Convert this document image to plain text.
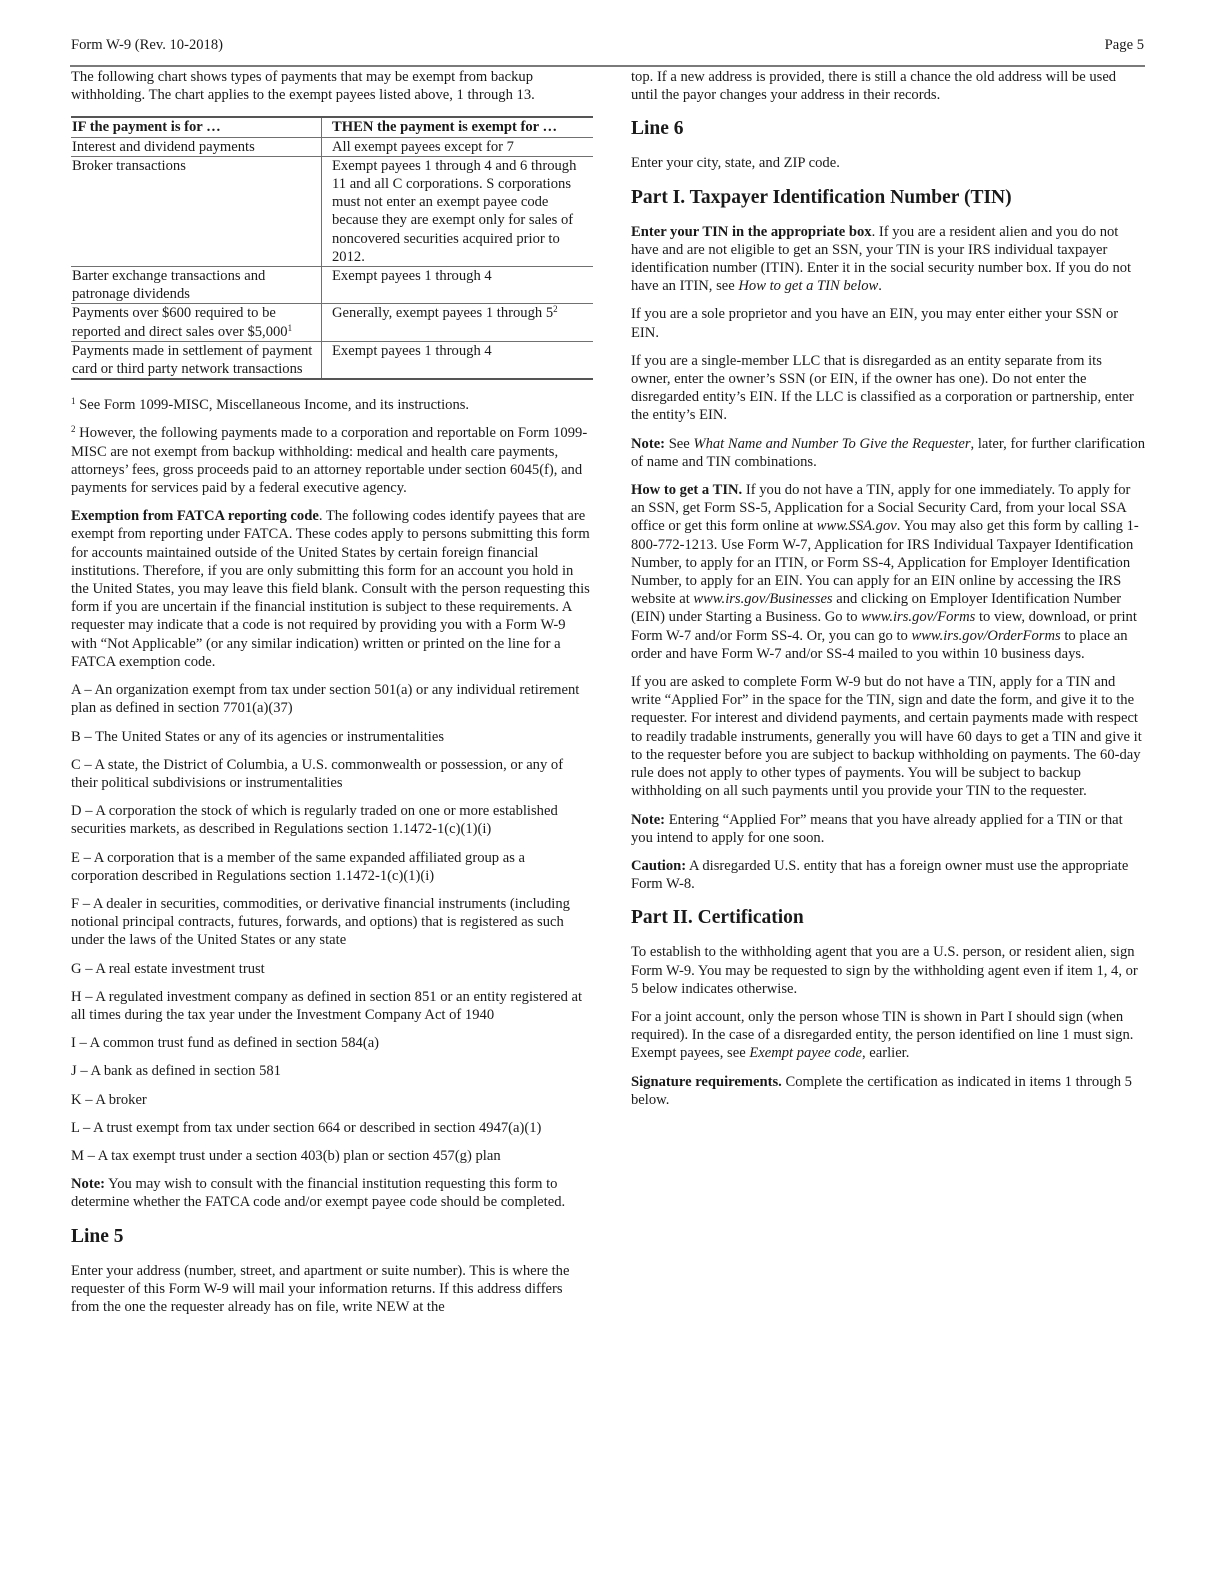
Form W-9 (Rev. 10-2018)	Page 5

The following chart shows types of payments that may be exempt from backup withholding. The chart applies to the exempt payees listed above, 1 through 13.

IF the payment is for …	THEN the payment is exempt for …
Interest and dividend payments	All exempt payees except for 7
Broker transactions	Exempt payees 1 through 4 and 6 through 11 and all C corporations. S corporations must not enter an exempt payee code because they are exempt only for sales of noncovered securities acquired prior to 2012.
Barter exchange transactions and patronage dividends	Exempt payees 1 through 4
Payments over $600 required to be reported and direct sales over $5,000$^1$	Generally, exempt payees 1 through $5^2$
Payments made in settlement of payment card or third party network transactions	Exempt payees 1 through 4

$^1$ See Form 1099-MISC, Miscellaneous Income, and its instructions.

$^2$ However, the following payments made to a corporation and reportable on Form 1099-MISC are not exempt from backup withholding: medical and health care payments, attorneys’ fees, gross proceeds paid to an attorney reportable under section 6045(f), and payments for services paid by a federal executive agency.

Exemption from FATCA reporting code. The following codes identify payees that are exempt from reporting under FATCA. These codes apply to persons submitting this form for accounts maintained outside of the United States by certain foreign financial institutions. Therefore, if you are only submitting this form for an account you hold in the United States, you may leave this field blank. Consult with the person requesting this form if you are uncertain if the financial institution is subject to these requirements. A requester may indicate that a code is not required by providing you with a Form W-9 with “Not Applicable” (or any similar indication) written or printed on the line for a FATCA exemption code.

A – An organization exempt from tax under section 501(a) or any individual retirement plan as defined in section 7701(a)(37)

B – The United States or any of its agencies or instrumentalities

C – A state, the District of Columbia, a U.S. commonwealth or possession, or any of their political subdivisions or instrumentalities

D – A corporation the stock of which is regularly traded on one or more established securities markets, as described in Regulations section 1.1472-1(c)(1)(i)

E – A corporation that is a member of the same expanded affiliated group as a corporation described in Regulations section 1.1472-1(c)(1)(i)

F – A dealer in securities, commodities, or derivative financial instruments (including notional principal contracts, futures, forwards, and options) that is registered as such under the laws of the United States or any state

G – A real estate investment trust

H – A regulated investment company as defined in section 851 or an entity registered at all times during the tax year under the Investment Company Act of 1940

I – A common trust fund as defined in section 584(a)

J – A bank as defined in section 581

K – A broker

L – A trust exempt from tax under section 664 or described in section 4947(a)(1)

M – A tax exempt trust under a section 403(b) plan or section 457(g) plan

Note: You may wish to consult with the financial institution requesting this form to determine whether the FATCA code and/or exempt payee code should be completed.

Line 5

Enter your address (number, street, and apartment or suite number). This is where the requester of this Form W-9 will mail your information returns. If this address differs from the one the requester already has on file, write NEW at the

top. If a new address is provided, there is still a chance the old address will be used until the payor changes your address in their records.

Line 6

Enter your city, state, and ZIP code.

Part I. Taxpayer Identification Number (TIN)

Enter your TIN in the appropriate box. If you are a resident alien and you do not have and are not eligible to get an SSN, your TIN is your IRS individual taxpayer identification number (ITIN). Enter it in the social security number box. If you do not have an ITIN, see How to get a TIN below.

If you are a sole proprietor and you have an EIN, you may enter either your SSN or EIN.

If you are a single-member LLC that is disregarded as an entity separate from its owner, enter the owner’s SSN (or EIN, if the owner has one). Do not enter the disregarded entity’s EIN. If the LLC is classified as a corporation or partnership, enter the entity’s EIN.

Note: See What Name and Number To Give the Requester, later, for further clarification of name and TIN combinations.

How to get a TIN. If you do not have a TIN, apply for one immediately. To apply for an SSN, get Form SS-5, Application for a Social Security Card, from your local SSA office or get this form online at www.SSA.gov. You may also get this form by calling 1-800-772-1213. Use Form W-7, Application for IRS Individual Taxpayer Identification Number, to apply for an ITIN, or Form SS-4, Application for Employer Identification Number, to apply for an EIN. You can apply for an EIN online by accessing the IRS website at www.irs.gov/Businesses and clicking on Employer Identification Number (EIN) under Starting a Business. Go to www.irs.gov/Forms to view, download, or print Form W-7 and/or Form SS-4. Or, you can go to www.irs.gov/OrderForms to place an order and have Form W-7 and/or SS-4 mailed to you within 10 business days.

If you are asked to complete Form W-9 but do not have a TIN, apply for a TIN and write “Applied For” in the space for the TIN, sign and date the form, and give it to the requester. For interest and dividend payments, and certain payments made with respect to readily tradable instruments, generally you will have 60 days to get a TIN and give it to the requester before you are subject to backup withholding on payments. The 60-day rule does not apply to other types of payments. You will be subject to backup withholding on all such payments until you provide your TIN to the requester.

Note: Entering “Applied For” means that you have already applied for a TIN or that you intend to apply for one soon.

Caution: A disregarded U.S. entity that has a foreign owner must use the appropriate Form W-8.

Part II. Certification

To establish to the withholding agent that you are a U.S. person, or resident alien, sign Form W-9. You may be requested to sign by the withholding agent even if item 1, 4, or 5 below indicates otherwise.

For a joint account, only the person whose TIN is shown in Part I should sign (when required). In the case of a disregarded entity, the person identified on line 1 must sign. Exempt payees, see Exempt payee code, earlier.

Signature requirements. Complete the certification as indicated in items 1 through 5 below.
